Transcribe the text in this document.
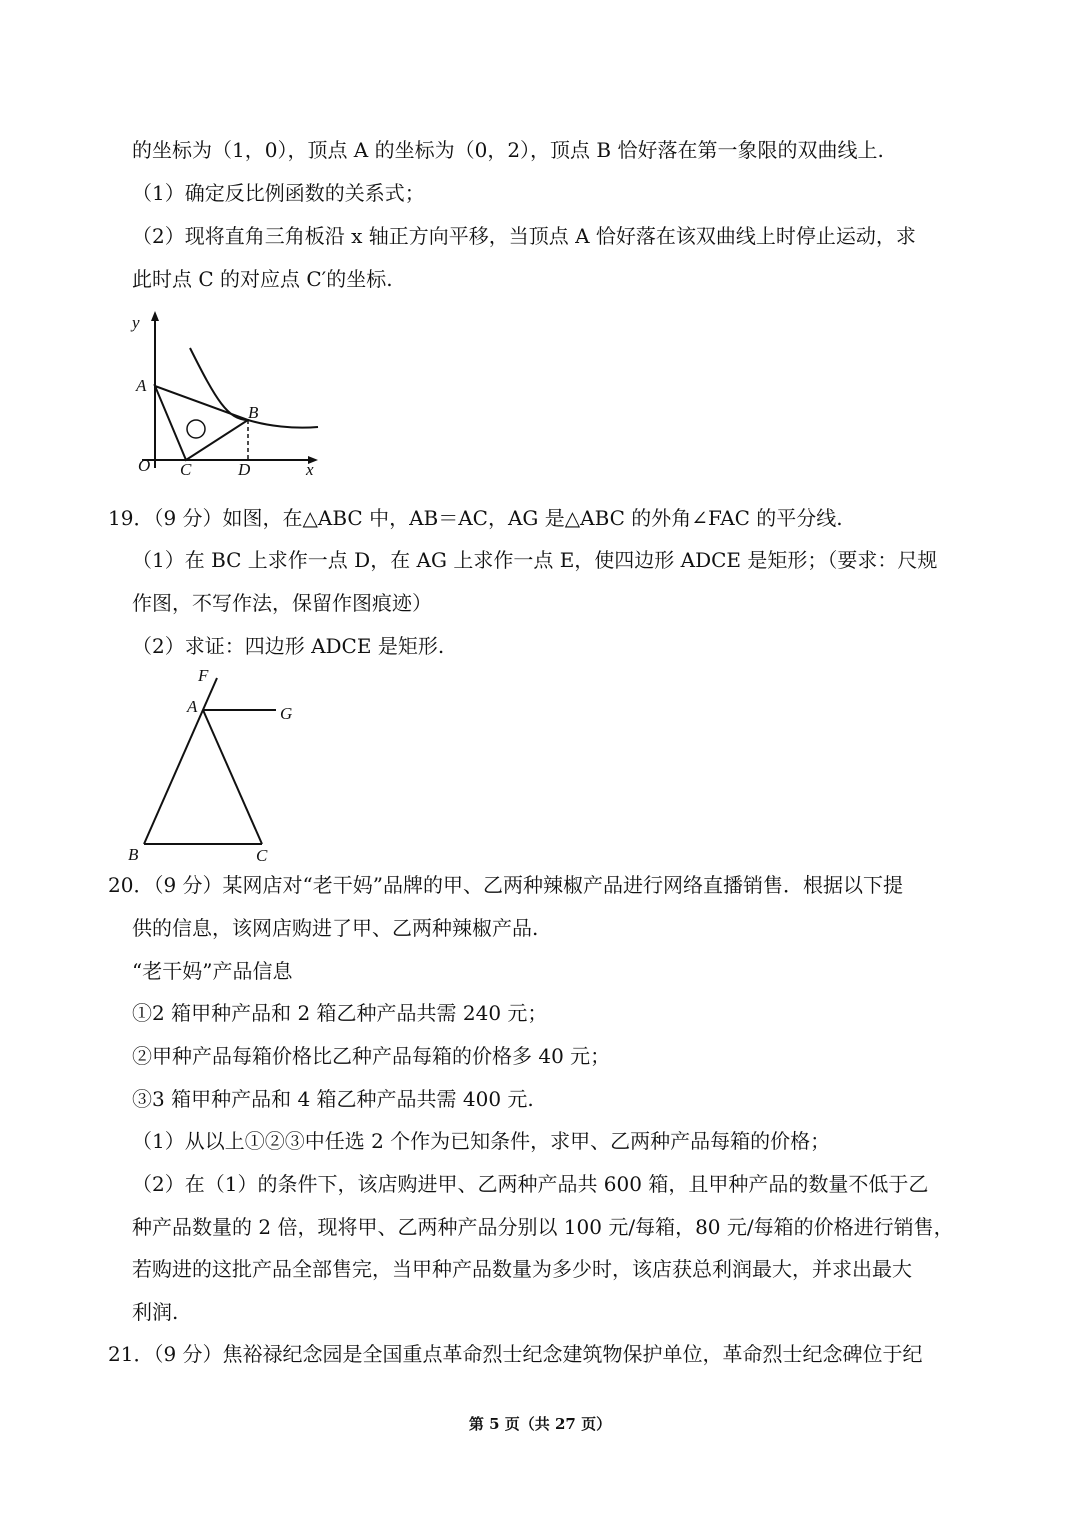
的坐标为（1，0），顶点 A 的坐标为（0，2），顶点 B 恰好落在第一象限的双曲线上.
（1）确定反比例函数的关系式；
（2）现将直角三角板沿 x 轴正方向平移，当顶点 A 恰好落在该双曲线上时停止运动，求
此时点 C 的对应点 C′的坐标.
y
A
B
O C	D	x
19．（9 分）如图，在△ABC 中，AB＝AC，AG 是△ABC 的外角∠FAC 的平分线.
（1）在 BC 上求作一点 D，在 AG 上求作一点 E，使四边形 ADCE 是矩形；（要求：尺规
作图，不写作法，保留作图痕迹）
（2）求证：四边形 ADCE 是矩形.
F
A	G
B	C
20．（9 分）某网店对“老干妈”品牌的甲、乙两种辣椒产品进行网络直播销售．根据以下提
供的信息，该网店购进了甲、乙两种辣椒产品.
“老干妈”产品信息
①2 箱甲种产品和 2 箱乙种产品共需 240 元；
②甲种产品每箱价格比乙种产品每箱的价格多 40 元；
③3 箱甲种产品和 4 箱乙种产品共需 400 元.
（1）从以上①②③中任选 2 个作为已知条件，求甲、乙两种产品每箱的价格；
（2）在（1）的条件下，该店购进甲、乙两种产品共 600 箱，且甲种产品的数量不低于乙
种产品数量的 2 倍，现将甲、乙两种产品分别以 100 元/每箱，80 元/每箱的价格进行销售，
若购进的这批产品全部售完，当甲种产品数量为多少时，该店获总利润最大，并求出最大
利润.
21．（9 分）焦裕禄纪念园是全国重点革命烈士纪念建筑物保护单位，革命烈士纪念碑位于纪
第 5 页（共 27 页）
